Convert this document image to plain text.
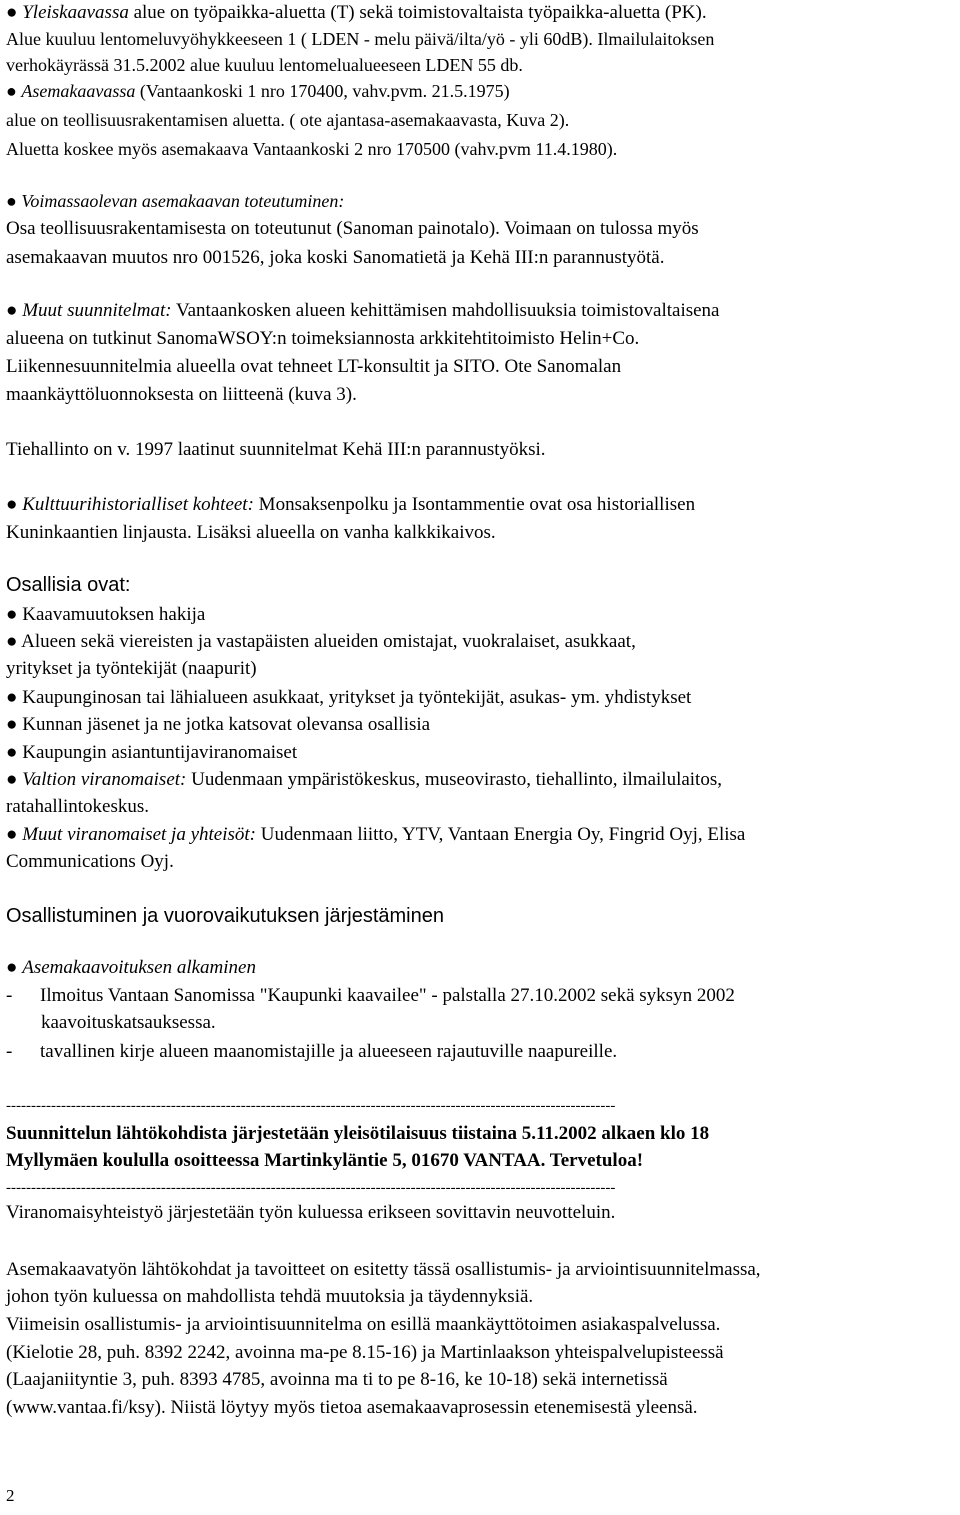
● Yleiskaavassa alue on työpaikka-aluetta (T) sekä toimistovaltaista työpaikka-aluetta (PK).
Alue kuuluu lentomeluvyöhykkeeseen 1 ( LDEN - melu päivä/ilta/yö - yli 60dB). Ilmailulaitoksen
verhokäyrässä 31.5.2002 alue kuuluu lentomelualueeseen LDEN 55 db.
● Asemakaavassa (Vantaankoski 1 nro 170400, vahv.pvm. 21.5.1975)
alue on teollisuusrakentamisen aluetta. ( ote ajantasa-asemakaavasta, Kuva 2).
Aluetta koskee myös asemakaava Vantaankoski 2 nro 170500 (vahv.pvm 11.4.1980).
● Voimassaolevan asemakaavan toteutuminen:
Osa teollisuusrakentamisesta on toteutunut (Sanoman painotalo). Voimaan on tulossa myös
asemakaavan muutos nro 001526, joka koski Sanomatietä ja Kehä III:n parannustyötä.
● Muut suunnitelmat: Vantaankosken alueen kehittämisen mahdollisuuksia toimistovaltaisena
alueena on tutkinut SanomaWSOY:n toimeksiannosta arkkitehtitoimisto Helin+Co.
Liikennesuunnitelmia alueella ovat tehneet LT-konsultit ja SITO. Ote Sanomalan
maankäyttöluonnoksesta on liitteenä (kuva 3).
Tiehallinto on v. 1997 laatinut suunnitelmat Kehä III:n parannustyöksi.
● Kulttuurihistorialliset kohteet: Monsaksenpolku ja Isontammentie ovat osa historiallisen
Kuninkaantien linjausta. Lisäksi alueella on vanha kalkkikaivos.
Osallisia ovat:
● Kaavamuutoksen hakija
● Alueen sekä viereisten ja vastapäisten alueiden omistajat, vuokralaiset, asukkaat,
yritykset ja työntekijät (naapurit)
● Kaupunginosan tai lähialueen asukkaat, yritykset ja työntekijät, asukas- ym. yhdistykset
● Kunnan jäsenet ja ne jotka katsovat olevansa osallisia
● Kaupungin asiantuntijaviranomaiset
● Valtion viranomaiset: Uudenmaan ympäristökeskus, museovirasto, tiehallinto, ilmailulaitos,
ratahallintokeskus.
● Muut viranomaiset ja yhteisöt: Uudenmaan liitto, YTV, Vantaan Energia Oy, Fingrid Oyj, Elisa
Communications Oyj.
Osallistuminen ja vuorovaikutuksen järjestäminen
● Asemakaavoituksen alkaminen
- Ilmoitus Vantaan Sanomissa "Kaupunki kaavailee" - palstalla 27.10.2002 sekä syksyn 2002
kaavoituskatsauksessa.
- tavallinen kirje alueen maanomistajille ja alueeseen rajautuville naapureille.
--------------------------------------------------------------------------------------------------------------------------
Suunnittelun lähtökohdista järjestetään yleisötilaisuus tiistaina 5.11.2002 alkaen klo 18
Myllymäen koululla osoitteessa Martinkyläntie 5, 01670 VANTAA. Tervetuloa!
--------------------------------------------------------------------------------------------------------------------------
Viranomaisyhteistyö järjestetään työn kuluessa erikseen sovittavin neuvotteluin.
Asemakaavatyön lähtökohdat ja tavoitteet on esitetty tässä osallistumis- ja arviointisuunnitelmassa,
johon työn kuluessa on mahdollista tehdä muutoksia ja täydennyksiä.
Viimeisin osallistumis- ja arviointisuunnitelma on esillä maankäyttötoimen asiakaspalvelussa.
(Kielotie 28, puh. 8392 2242, avoinna ma-pe 8.15-16) ja Martinlaakson yhteispalvelupisteessä
(Laajaniityntie 3, puh. 8393 4785, avoinna ma ti to pe 8-16, ke 10-18) sekä internetissä
(www.vantaa.fi/ksy). Niistä löytyy myös tietoa asemakaavaprosessin etenemisestä yleensä.
2
